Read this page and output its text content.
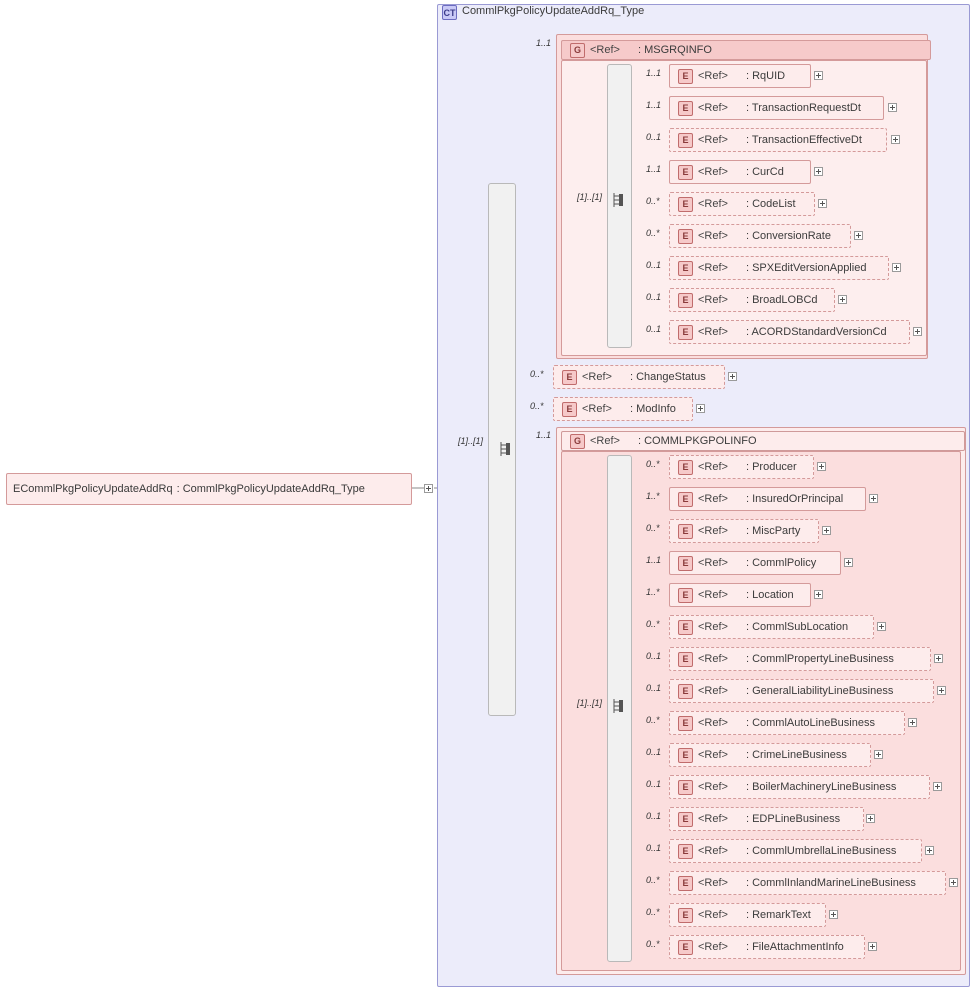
CT CommlPkgPolicyUpdateAddRq_Type
E CommlPkgPolicyUpdateAddRq : CommlPkgPolicyUpdateAddRq_Type
[1]..[1]
1..1
G <Ref> : MSGRQINFO
[1]..[1]
1..1	E <Ref> : RqUID
1..1	E <Ref> : TransactionRequestDt
0..1	E <Ref> : TransactionEffectiveDt
1..1	E <Ref> : CurCd
0..*	E <Ref> : CodeList
0..*	E <Ref> : ConversionRate
0..1	E <Ref> : SPXEditVersionApplied
0..1	E <Ref> : BroadLOBCd
0..1	E <Ref> : ACORDStandardVersionCd
0..*	E <Ref> : ChangeStatus
0..*	E <Ref> : ModInfo
1..1
G <Ref> : COMMLPKGPOLINFO
[1]..[1]
0..*	E <Ref> : Producer
1..*	E <Ref> : InsuredOrPrincipal
0..*	E <Ref> : MiscParty
1..1	E <Ref> : CommlPolicy
1..*	E <Ref> : Location
0..*	E <Ref> : CommlSubLocation
0..1	E <Ref> : CommlPropertyLineBusiness
0..1	E <Ref> : GeneralLiabilityLineBusiness
0..*	E <Ref> : CommlAutoLineBusiness
0..1	E <Ref> : CrimeLineBusiness
0..1	E <Ref> : BoilerMachineryLineBusiness
0..1	E <Ref> : EDPLineBusiness
0..1	E <Ref> : CommlUmbrellaLineBusiness
0..*	E <Ref> : CommlInlandMarineLineBusiness
0..*	E <Ref> : RemarkText
0..*	E <Ref> : FileAttachmentInfo
